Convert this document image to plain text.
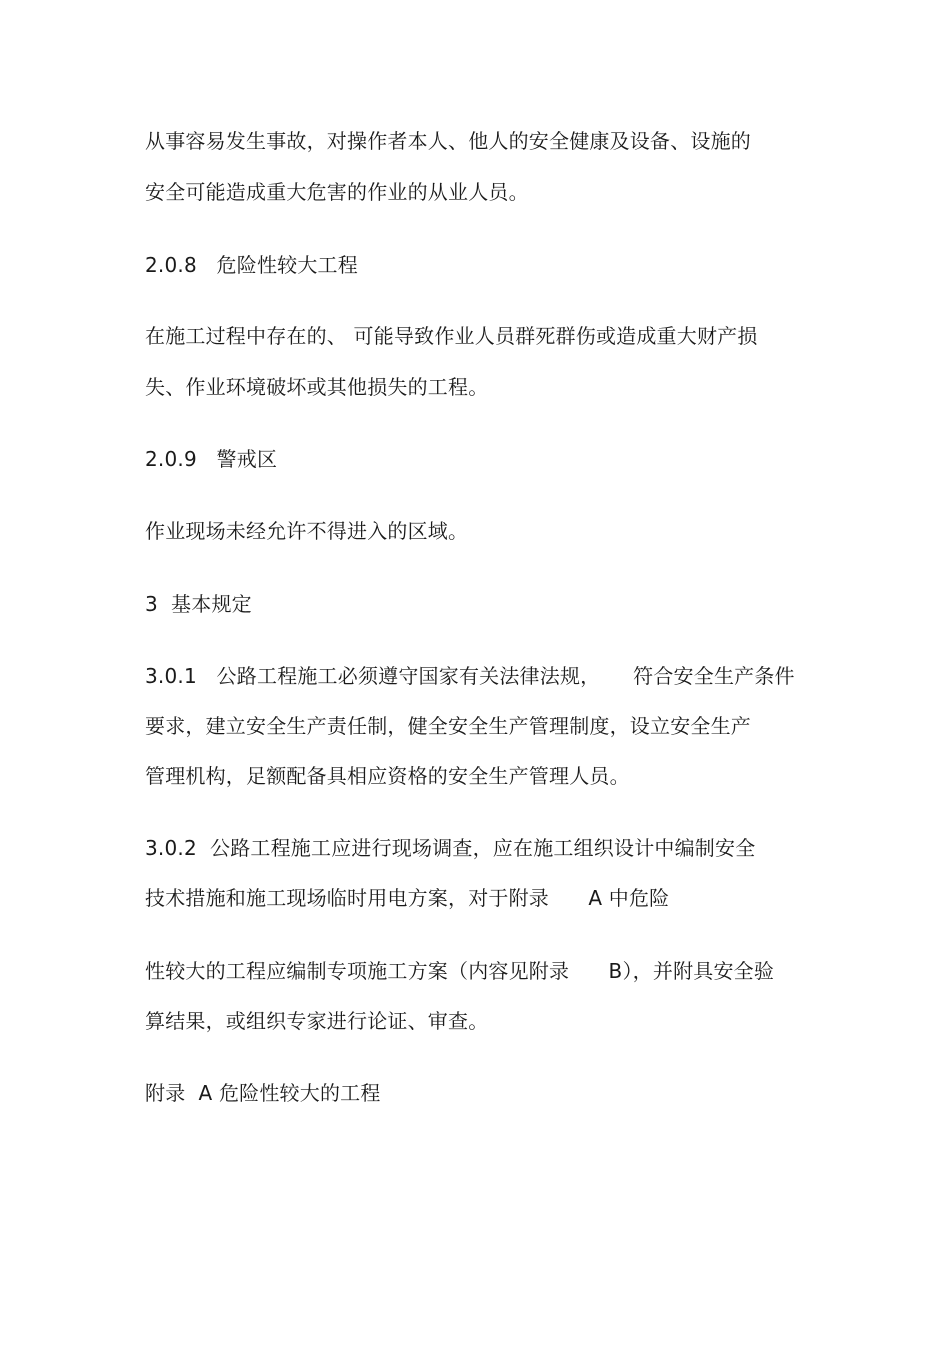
从事容易发生事故，对操作者本人、他人的安全健康及设备、设施的
安全可能造成重大危害的作业的从业人员。
2.0.8   危险性较大工程
在施工过程中存在的、 可能导致作业人员群死群伤或造成重大财产损
失、作业环境破坏或其他损失的工程。
2.0.9   警戒区
作业现场未经允许不得进入的区域。
3  基本规定
3.0.1   公路工程施工必须遵守国家有关法律法规，     符合安全生产条件
要求，建立安全生产责任制，健全安全生产管理制度，设立安全生产
管理机构，足额配备具相应资格的安全生产管理人员。
3.0.2  公路工程施工应进行现场调查，应在施工组织设计中编制安全
技术措施和施工现场临时用电方案，对于附录      A 中危险
性较大的工程应编制专项施工方案（内容见附录      B），并附具安全验
算结果，或组织专家进行论证、审查。
附录  A 危险性较大的工程
